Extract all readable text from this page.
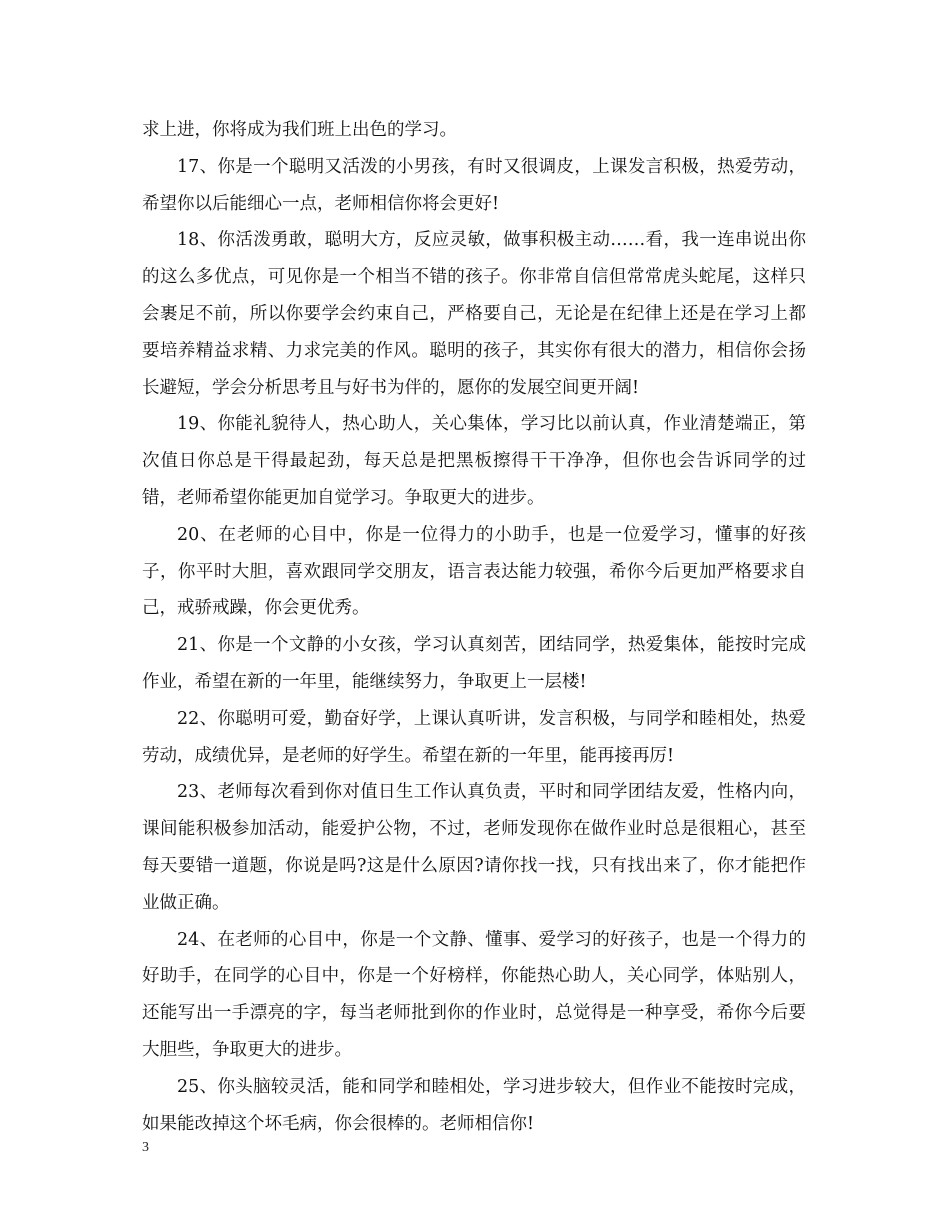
求上进，你将成为我们班上出色的学习。

17、你是一个聪明又活泼的小男孩，有时又很调皮，上课发言积极，热爱劳动，希望你以后能细心一点，老师相信你将会更好!

18、你活泼勇敢，聪明大方，反应灵敏，做事积极主动……看，我一连串说出你的这么多优点，可见你是一个相当不错的孩子。你非常自信但常常虎头蛇尾，这样只会裹足不前，所以你要学会约束自己，严格要自己，无论是在纪律上还是在学习上都要培养精益求精、力求完美的作风。聪明的孩子，其实你有很大的潜力，相信你会扬长避短，学会分析思考且与好书为伴的，愿你的发展空间更开阔!

19、你能礼貌待人，热心助人，关心集体，学习比以前认真，作业清楚端正，第次值日你总是干得最起劲，每天总是把黑板擦得干干净净，但你也会告诉同学的过错，老师希望你能更加自觉学习。争取更大的进步。

20、在老师的心目中，你是一位得力的小助手，也是一位爱学习，懂事的好孩子，你平时大胆，喜欢跟同学交朋友，语言表达能力较强，希你今后更加严格要求自己，戒骄戒躁，你会更优秀。

21、你是一个文静的小女孩，学习认真刻苦，团结同学，热爱集体，能按时完成作业，希望在新的一年里，能继续努力，争取更上一层楼!

22、你聪明可爱，勤奋好学，上课认真听讲，发言积极，与同学和睦相处，热爱劳动，成绩优异，是老师的好学生。希望在新的一年里，能再接再厉!

23、老师每次看到你对值日生工作认真负责，平时和同学团结友爱，性格内向，课间能积极参加活动，能爱护公物，不过，老师发现你在做作业时总是很粗心，甚至每天要错一道题，你说是吗?这是什么原因?请你找一找，只有找出来了，你才能把作业做正确。

24、在老师的心目中，你是一个文静、懂事、爱学习的好孩子，也是一个得力的好助手，在同学的心目中，你是一个好榜样，你能热心助人，关心同学，体贴别人，还能写出一手漂亮的字，每当老师批到你的作业时，总觉得是一种享受，希你今后要大胆些，争取更大的进步。

25、你头脑较灵活，能和同学和睦相处，学习进步较大，但作业不能按时完成，如果能改掉这个坏毛病，你会很棒的。老师相信你!

3
